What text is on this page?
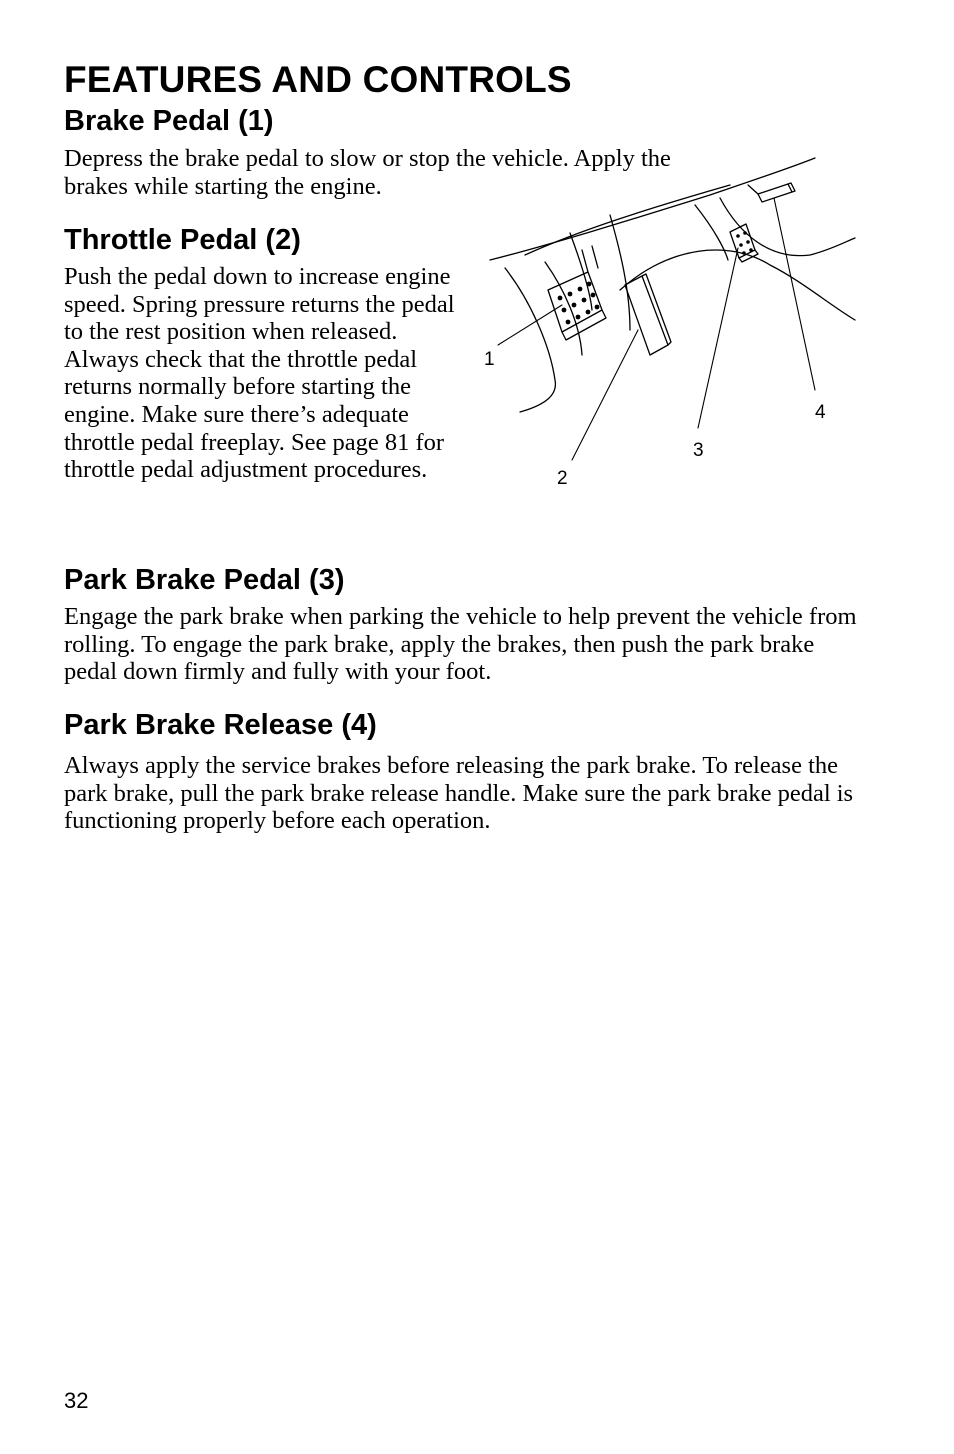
FEATURES AND CONTROLS
Brake Pedal (1)

Depress the brake pedal to slow or stop the vehicle. Apply the brakes while starting the engine.

Throttle Pedal (2)

Push the pedal down to increase engine speed. Spring pressure returns the pedal to the rest position when released. Always check that the throttle pedal returns normally before starting the engine. Make sure there’s adequate throttle pedal freeplay. See page 81 for throttle pedal adjustment procedures.

1
2
3
4
Park Brake Pedal (3)

Engage the park brake when parking the vehicle to help prevent the vehicle from rolling. To engage the park brake, apply the brakes, then push the park brake pedal down firmly and fully with your foot.

Park Brake Release (4)

Always apply the service brakes before releasing the park brake. To release the park brake, pull the park brake release handle. Make sure the park brake pedal is functioning properly before each operation.

32
